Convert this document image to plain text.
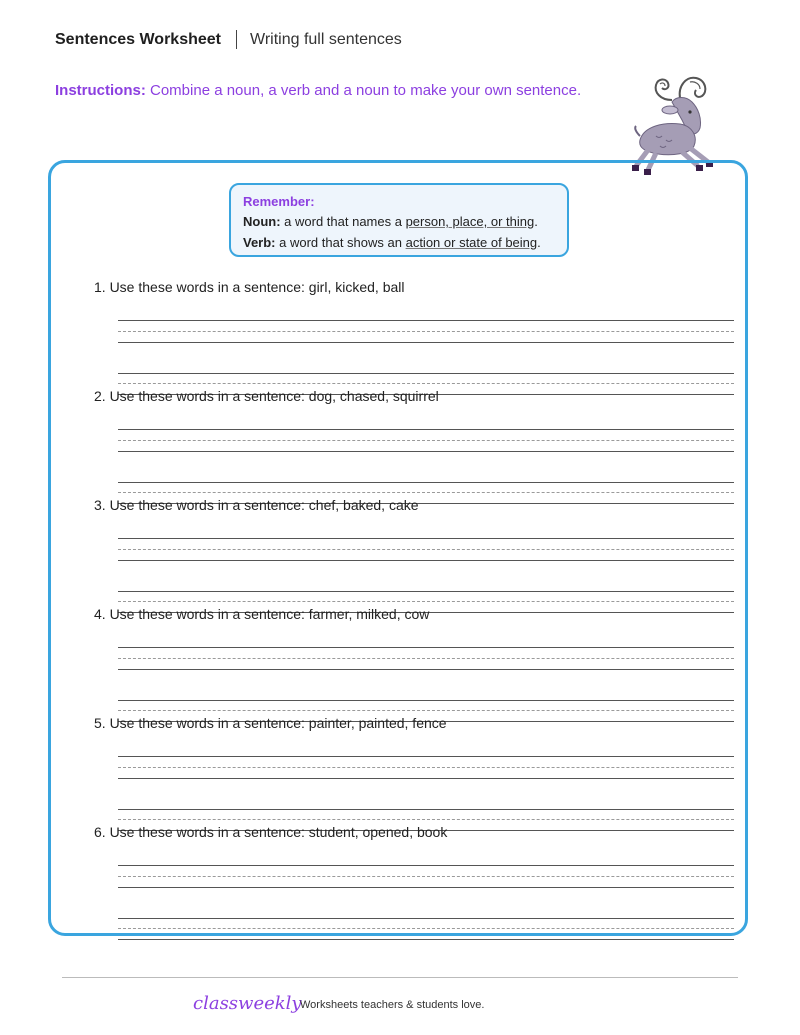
Sentences Worksheet Writing full sentences
Instructions: Combine a noun, a verb and a noun to make your own sentence.
Remember:
Noun: a word that names a person, place, or thing.
Verb: a word that shows an action or state of being.
1. Use these words in a sentence: girl, kicked, ball
2. Use these words in a sentence: dog, chased, squirrel
3. Use these words in a sentence: chef, baked, cake
4. Use these words in a sentence: farmer, milked, cow
5. Use these words in a sentence: painter, painted, fence
6. Use these words in a sentence: student, opened, book
classweekly
Worksheets teachers & students love.
